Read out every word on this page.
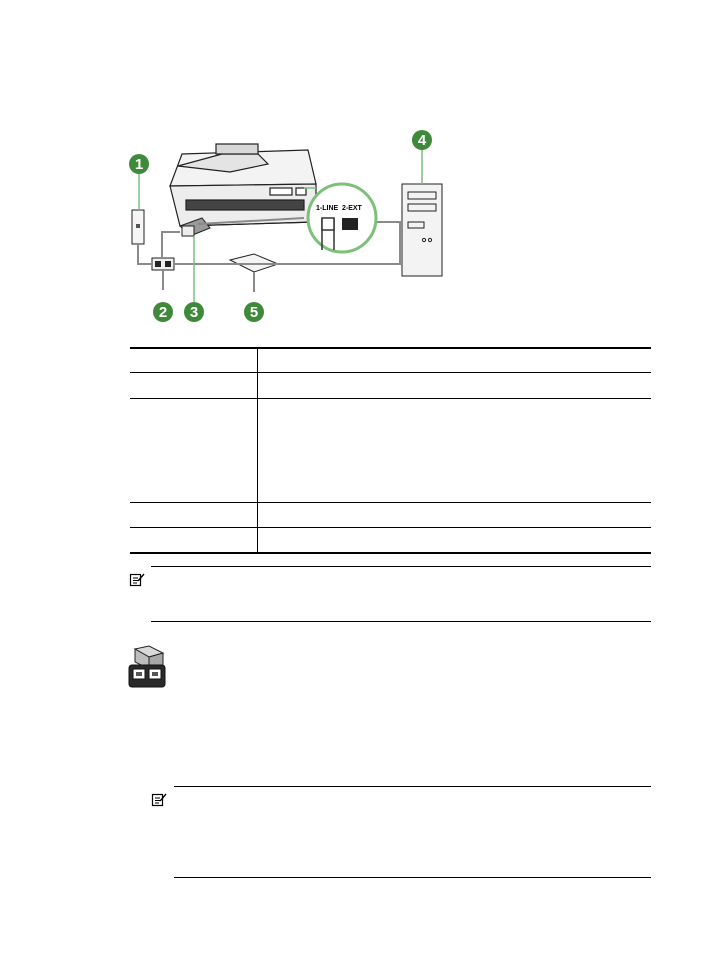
1-LINE 2-EXT
1
2 3
4
5
